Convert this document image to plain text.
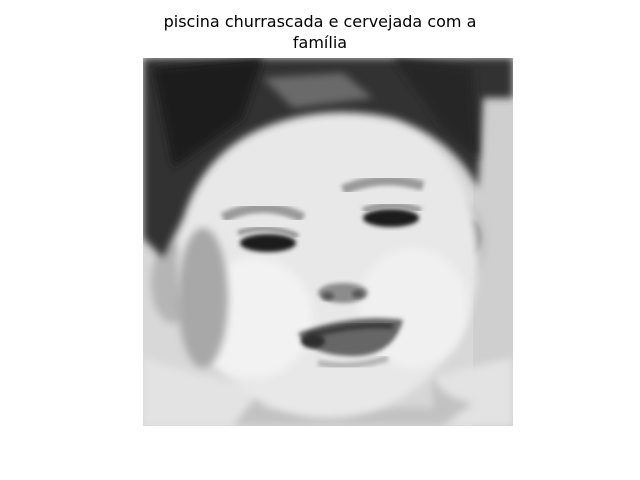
piscina churrascada e cervejada com a
família
